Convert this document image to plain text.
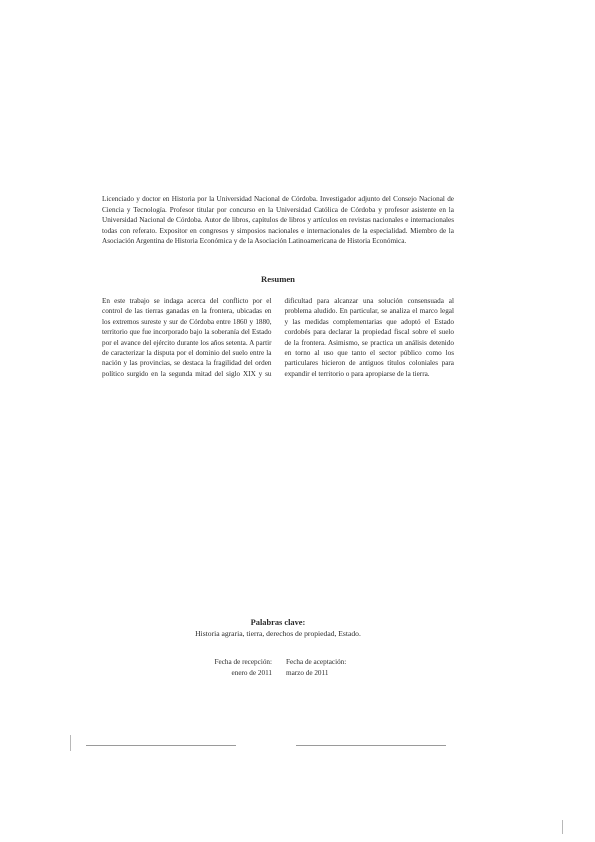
Licenciado y doctor en Historia por la Universidad Nacional de Córdoba. Investigador adjunto del Consejo Nacional de Ciencia y Tecnología. Profesor titular por concurso en la Universidad Católica de Córdoba y profesor asistente en la Universidad Nacional de Córdoba. Autor de libros, capítulos de libros y artículos en revistas nacionales e internacionales todas con referato. Expositor en congresos y simposios nacionales e internacionales de la especialidad. Miembro de la Asociación Argentina de Historia Económica y de la Asociación Latinoamericana de Historia Económica.

Resumen
En este trabajo se indaga acerca del conflicto por el control de las tierras ganadas en la frontera, ubicadas en los extremos sureste y sur de Córdoba entre 1860 y 1880, territorio que fue incorporado bajo la soberanía del Estado por el avance del ejército durante los años setenta. A partir de caracterizar la disputa por el dominio del suelo entre la nación y las provincias, se destaca la fragilidad del orden político surgido en la segunda mitad del siglo XIX y su dificultad para alcanzar una solución consensuada al problema aludido. En particular, se analiza el marco legal y las medidas complementarias que adoptó el Estado cordobés para declarar la propiedad fiscal sobre el suelo de la frontera. Asimismo, se practica un análisis detenido en torno al uso que tanto el sector público como los particulares hicieron de antiguos títulos coloniales para expandir el territorio o para apropiarse de la tierra.
Palabras clave:
Historia agraria, tierra, derechos de propiedad, Estado.
Fecha de recepción:
enero de 2011
Fecha de aceptación:
marzo de 2011
